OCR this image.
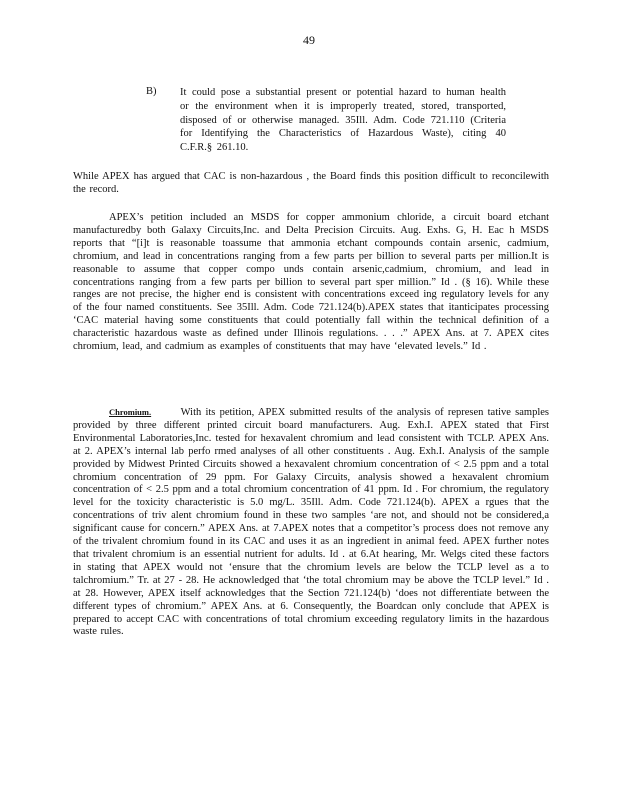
49
B) It could pose a substantial present or potential hazard to human health or the environment when it is improperly treated, stored, transported, disposed of or otherwise managed. 35Ill. Adm. Code 721.110 (Criteria for Identifying the Characteristics of Hazardous Waste), citing 40 C.F.R.§ 261.10.

While APEX has argued that CAC is non-hazardous , the Board finds this position difficult to reconcilewith the record.

APEX’s petition included an MSDS for copper ammonium chloride, a circuit board etchant manufacturedby both Galaxy Circuits,Inc. and Delta Precision Circuits. Aug. Exhs. G, H. Eac h MSDS reports that “[i]t is reasonable toassume that ammonia etchant compounds contain arsenic, cadmium, chromium, and lead in concentrations ranging from a few parts per billion to several parts per million.It is reasonable to assume that copper compo unds contain arsenic,cadmium, chromium, and lead in concentrations ranging from a few parts per billion to several part sper million.” Id . (§ 16). While these ranges are not precise, the higher end is consistent with concentrations exceed ing regulatory levels for any of the four named constituents. See 35Ill. Adm. Code 721.124(b).APEX states that itanticipates processing ‘CAC material having some constituents that could potentially fall within the technical definition of a characteristic hazardous waste as defined under Illinois regulations. . . .” APEX Ans. at 7. APEX cites chromium, lead, and cadmium as examples of constituents that may have ‘elevated levels.” Id .

Chromium.	With its petition, APEX submitted results of the analysis of represen tative samples provided by three different printed circuit board manufacturers. Aug. Exh.I. APEX stated that First Environmental Laboratories,Inc. tested for hexavalent chromium and lead consistent with TCLP. APEX Ans. at 2. APEX’s internal lab perfo rmed analyses of all other constituents . Aug. Exh.I. Analysis of the sample provided by Midwest Printed Circuits showed a hexavalent chromium concentration of < 2.5 ppm and a total chromium concentration of 29 ppm. For Galaxy Circuits, analysis showed a hexavalent chromium concentration of < 2.5 ppm and a total chromium concentration of 41 ppm. Id . For chromium, the regulatory level for the toxicity characteristic is 5.0 mg/L. 35Ill. Adm. Code 721.124(b). APEX a rgues that the concentrations of triv alent chromium found in these two samples ‘are not, and should not be considered,a significant cause for concern.” APEX Ans. at 7.APEX notes that a competitor’s process does not remove any of the trivalent chromium found in its CAC and uses it as an ingredient in animal feed. APEX further notes that trivalent chromium is an essential nutrient for adults. Id . at 6.At hearing, Mr. Welgs cited these factors in stating that APEX would not ‘ensure that the chromium levels are below the TCLP level as a to talchromium.” Tr. at 27 - 28. He acknowledged that ‘the total chromium may be above the TCLP level.” Id . at 28. However, APEX itself acknowledges that the Section 721.124(b) ‘does not differentiate between the different types of chromium.” APEX Ans. at 6. Consequently, the Boardcan only conclude that APEX is prepared to accept CAC with concentrations of total chromium exceeding regulatory limits in the hazardous waste rules.
